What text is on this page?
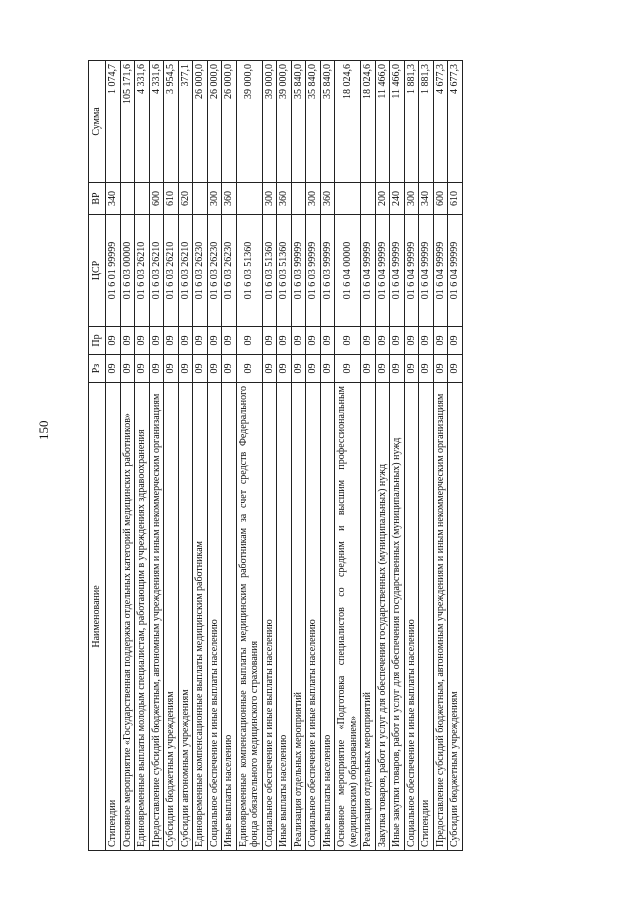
150
Наименование	Рз	Пр	ЦСР	ВР	Сумма
Стипендии	09	09	01 6 01 99999	340	1 074,7
Основное мероприятие «Государственная поддержка отдельных категорий медицинских работников»	09	09	01 6 03 00000		105 171,6
Единовременные выплаты молодым специалистам, работающим в учреждениях здравоохранения	09	09	01 6 03 26210		4 331,6
Предоставление субсидий бюджетным, автономным учреждениям и иным некоммерческим организациям	09	09	01 6 03 26210	600	4 331,6
Субсидии бюджетным учреждениям	09	09	01 6 03 26210	610	3 954,5
Субсидии автономным учреждениям	09	09	01 6 03 26210	620	377,1
Единовременные компенсационные выплаты медицинским работникам	09	09	01 6 03 26230		26 000,0
Социальное обеспечение и иные выплаты населению	09	09	01 6 03 26230	300	26 000,0
Иные выплаты населению	09	09	01 6 03 26230	360	26 000,0
Единовременные компенсационные выплаты медицинским работникам за счет средств Федерального фонда обязательного медицинского страхования	09	09	01 6 03 51360		39 000,0
Социальное обеспечение и иные выплаты населению	09	09	01 6 03 51360	300	39 000,0
Иные выплаты населению	09	09	01 6 03 51360	360	39 000,0
Реализация отдельных мероприятий	09	09	01 6 03 99999		35 840,0
Социальное обеспечение и иные выплаты населению	09	09	01 6 03 99999	300	35 840,0
Иные выплаты населению	09	09	01 6 03 99999	360	35 840,0
Основное мероприятие «Подготовка специалистов со средним и высшим профессиональным (медицинским) образованием»	09	09	01 6 04 00000		18 024,6
Реализация отдельных мероприятий	09	09	01 6 04 99999		18 024,6
Закупка товаров, работ и услуг для обеспечения государственных (муниципальных) нужд	09	09	01 6 04 99999	200	11 466,0
Иные закупки товаров, работ и услуг для обеспечения государственных (муниципальных) нужд	09	09	01 6 04 99999	240	11 466,0
Социальное обеспечение и иные выплаты населению	09	09	01 6 04 99999	300	1 881,3
Стипендии	09	09	01 6 04 99999	340	1 881,3
Предоставление субсидий бюджетным, автономным учреждениям и иным некоммерческим организациям	09	09	01 6 04 99999	600	4 677,3
Субсидии бюджетным учреждениям	09	09	01 6 04 99999	610	4 677,3
